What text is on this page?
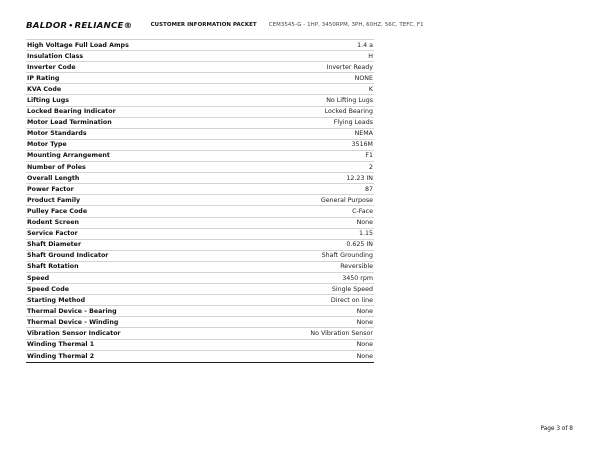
BALDOR•RELIANCE®	CUSTOMER INFORMATION PACKET CEM3545-G - 1HP, 3450RPM, 3PH, 60HZ, 56C, TEFC, F1
High Voltage Full Load Amps	1.4 a
Insulation Class	H
Inverter Code	Inverter Ready
IP Rating	NONE
KVA Code	K
Lifting Lugs	No Lifting Lugs
Locked Bearing Indicator	Locked Bearing
Motor Lead Termination	Flying Leads
Motor Standards	NEMA
Motor Type	3516M
Mounting Arrangement	F1
Number of Poles	2
Overall Length	12.23 IN
Power Factor	87
Product Family	General Purpose
Pulley Face Code	C-Face
Rodent Screen	None
Service Factor	1.15
Shaft Diameter	0.625 IN
Shaft Ground Indicator	Shaft Grounding
Shaft Rotation	Reversible
Speed	3450 rpm
Speed Code	Single Speed
Starting Method	Direct on line
Thermal Device - Bearing	None
Thermal Device - Winding	None
Vibration Sensor Indicator	No Vibration Sensor
Winding Thermal 1	None
Winding Thermal 2	None
Page 3 of 8
